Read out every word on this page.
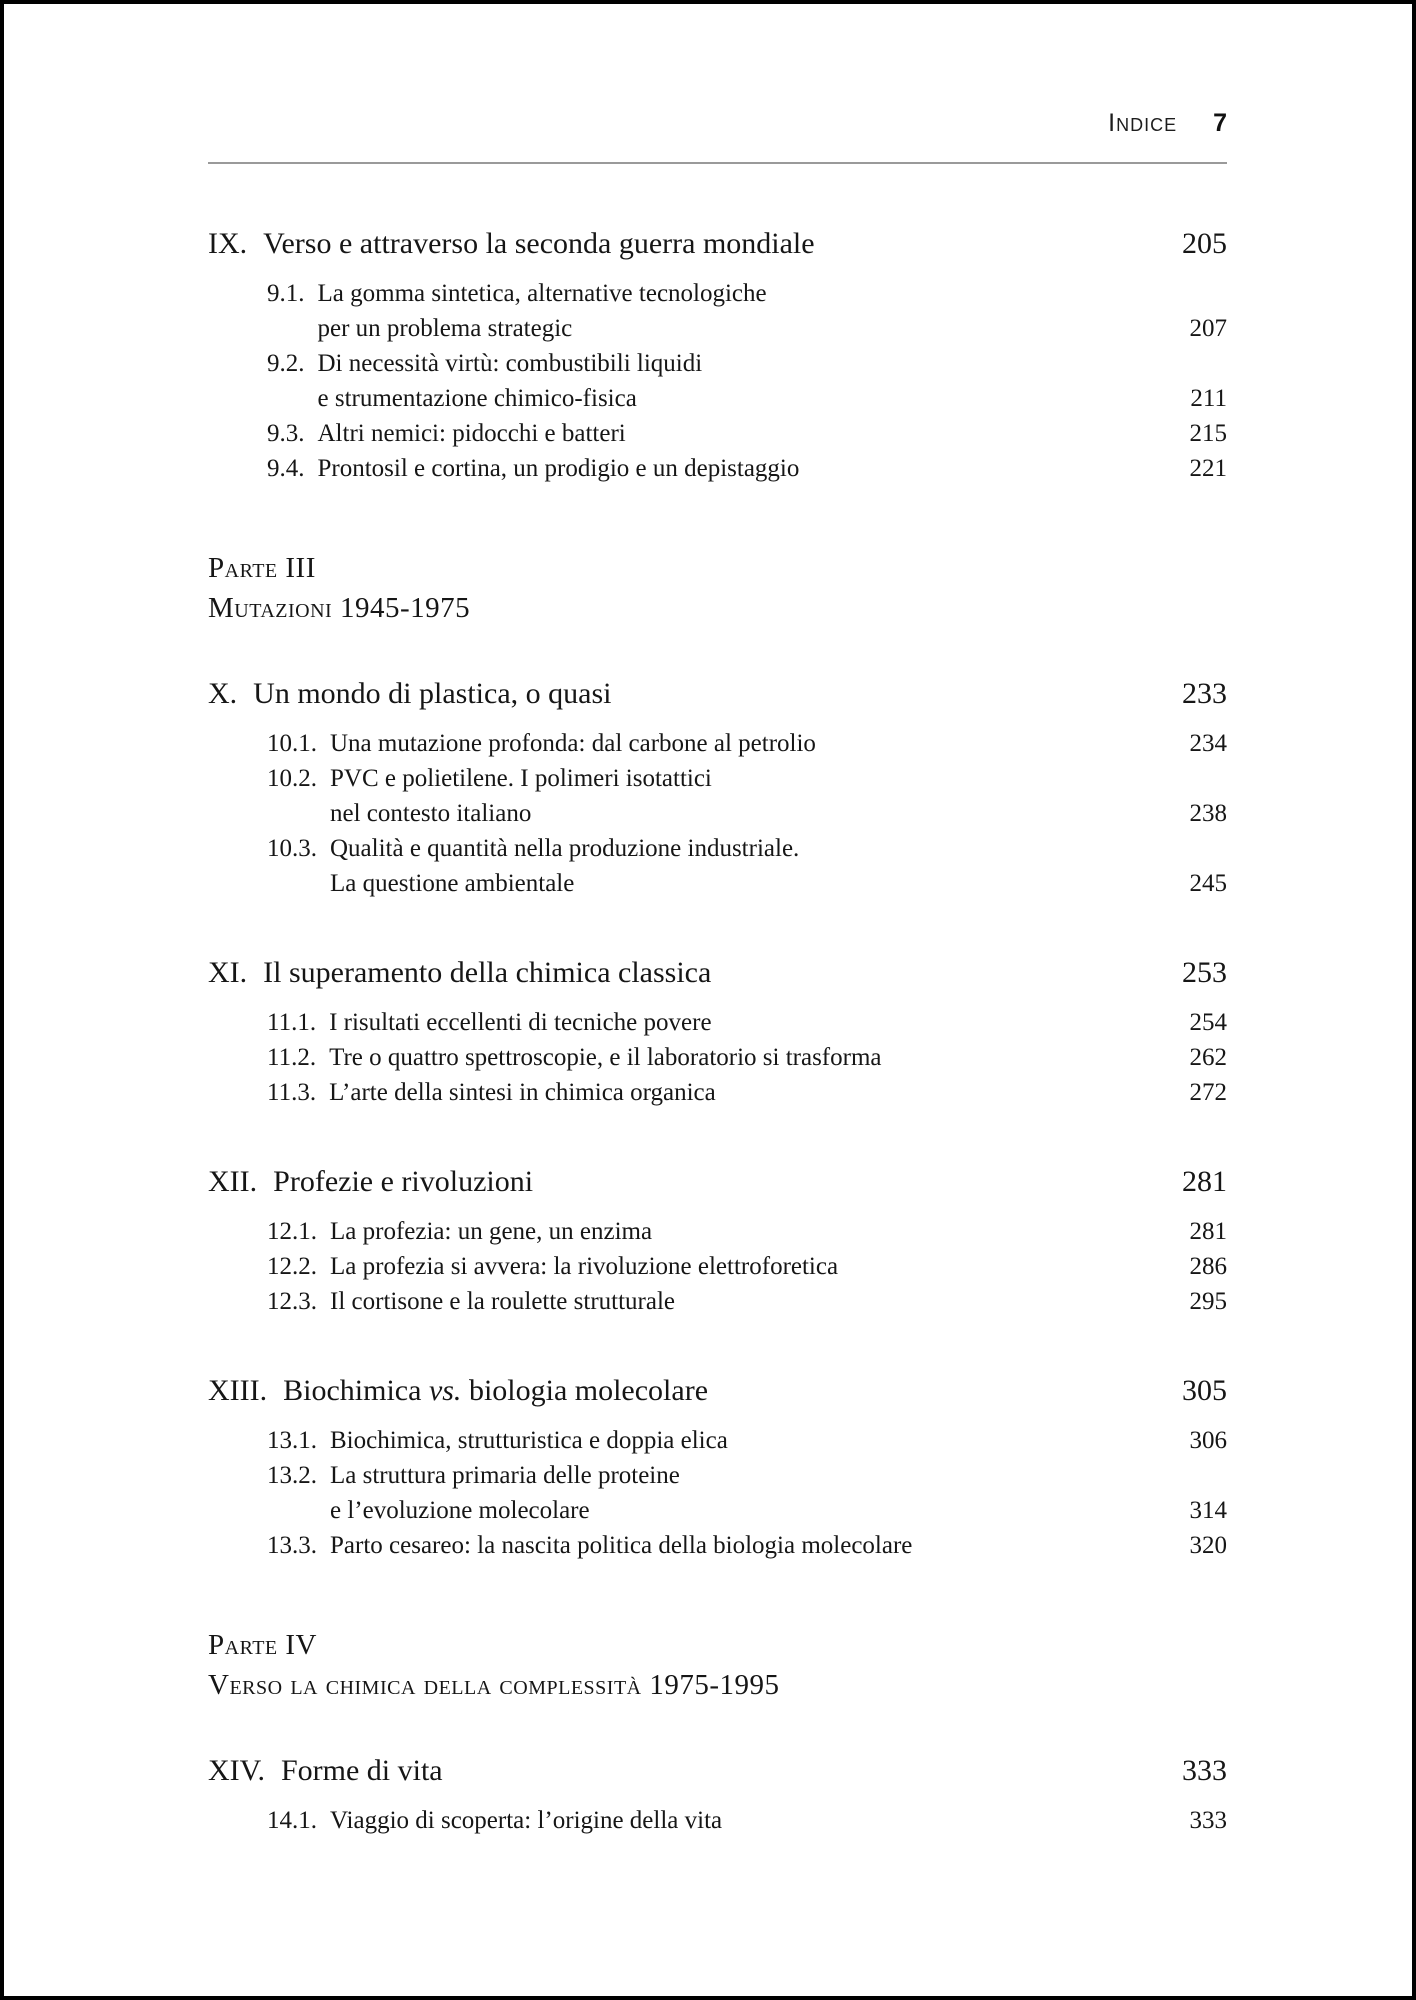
Indice 7
IX. Verso e attraverso la seconda guerra mondiale	205
9.1. La gomma sintetica, alternative tecnologiche
per un problema strategic	207
9.2. Di necessità virtù: combustibili liquidi
e strumentazione chimico-fisica	211
9.3. Altri nemici: pidocchi e batteri	215
9.4. Prontosil e cortina, un prodigio e un depistaggio	221
Parte III
Mutazioni 1945-1975
X. Un mondo di plastica, o quasi	233
10.1. Una mutazione profonda: dal carbone al petrolio	234
10.2. PVC e polietilene. I polimeri isotattici
nel contesto italiano	238
10.3. Qualità e quantità nella produzione industriale.
La questione ambientale	245
XI. Il superamento della chimica classica	253
11.1. I risultati eccellenti di tecniche povere	254
11.2. Tre o quattro spettroscopie, e il laboratorio si trasforma	262
11.3. L’arte della sintesi in chimica organica	272
XII. Profezie e rivoluzioni	281
12.1. La profezia: un gene, un enzima	281
12.2. La profezia si avvera: la rivoluzione elettroforetica	286
12.3. Il cortisone e la roulette strutturale	295
XIII. Biochimica vs. biologia molecolare	305
13.1. Biochimica, strutturistica e doppia elica	306
13.2. La struttura primaria delle proteine
e l’evoluzione molecolare	314
13.3. Parto cesareo: la nascita politica della biologia molecolare	320
Parte IV
Verso la chimica della complessità 1975-1995
XIV. Forme di vita	333
14.1. Viaggio di scoperta: l’origine della vita	333
